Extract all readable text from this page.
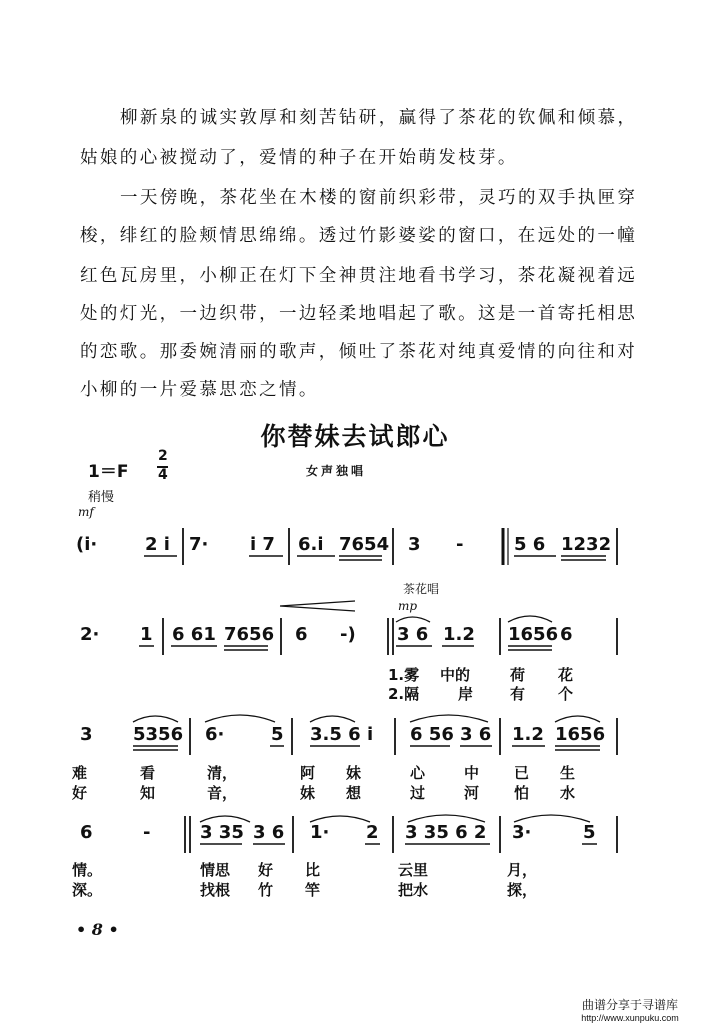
柳新泉的诚实敦厚和刻苦钻研，赢得了茶花的钦佩和倾慕，

姑娘的心被搅动了，爱情的种子在开始萌发枝芽。

一天傍晚，茶花坐在木楼的窗前织彩带，灵巧的双手执匣穿

梭，绯红的脸颊情思绵绵。透过竹影婆娑的窗口，在远处的一幢

红色瓦房里，小柳正在灯下全神贯注地看书学习，茶花凝视着远

处的灯光，一边织带，一边轻柔地唱起了歌。这是一首寄托相思

的恋歌。那委婉清丽的歌声，倾吐了茶花对纯真爱情的向往和对

小柳的一片爱慕思恋之情。

你替妹去试郎心
1＝F
2
4	女声独唱
稍慢
mf
茶花唱
mp
(i·	2 i 7· i 7 6.i 7654 3 -	5 6 1232
2· 1 6 61 7656 6 -) 3 6 1.2 1656 6
1.雾 中的	荷 花
2.隔	岸 有 个
3 5356 6·	5 3.5 6 i 6 56 3 6 1.2 1656
难	看	清，	阿 妹	心	中 已 生
好	知	音，	妹 想	过	河 怕 水
6	-	3 35 3 6 1· 2 3 35 6 2 3·	5
情。	情思 好 比	云里	月，
深。	找根 竹 竿	把水	探，
• 8 •
曲谱分享于寻谱库
http://www.xunpuku.com
